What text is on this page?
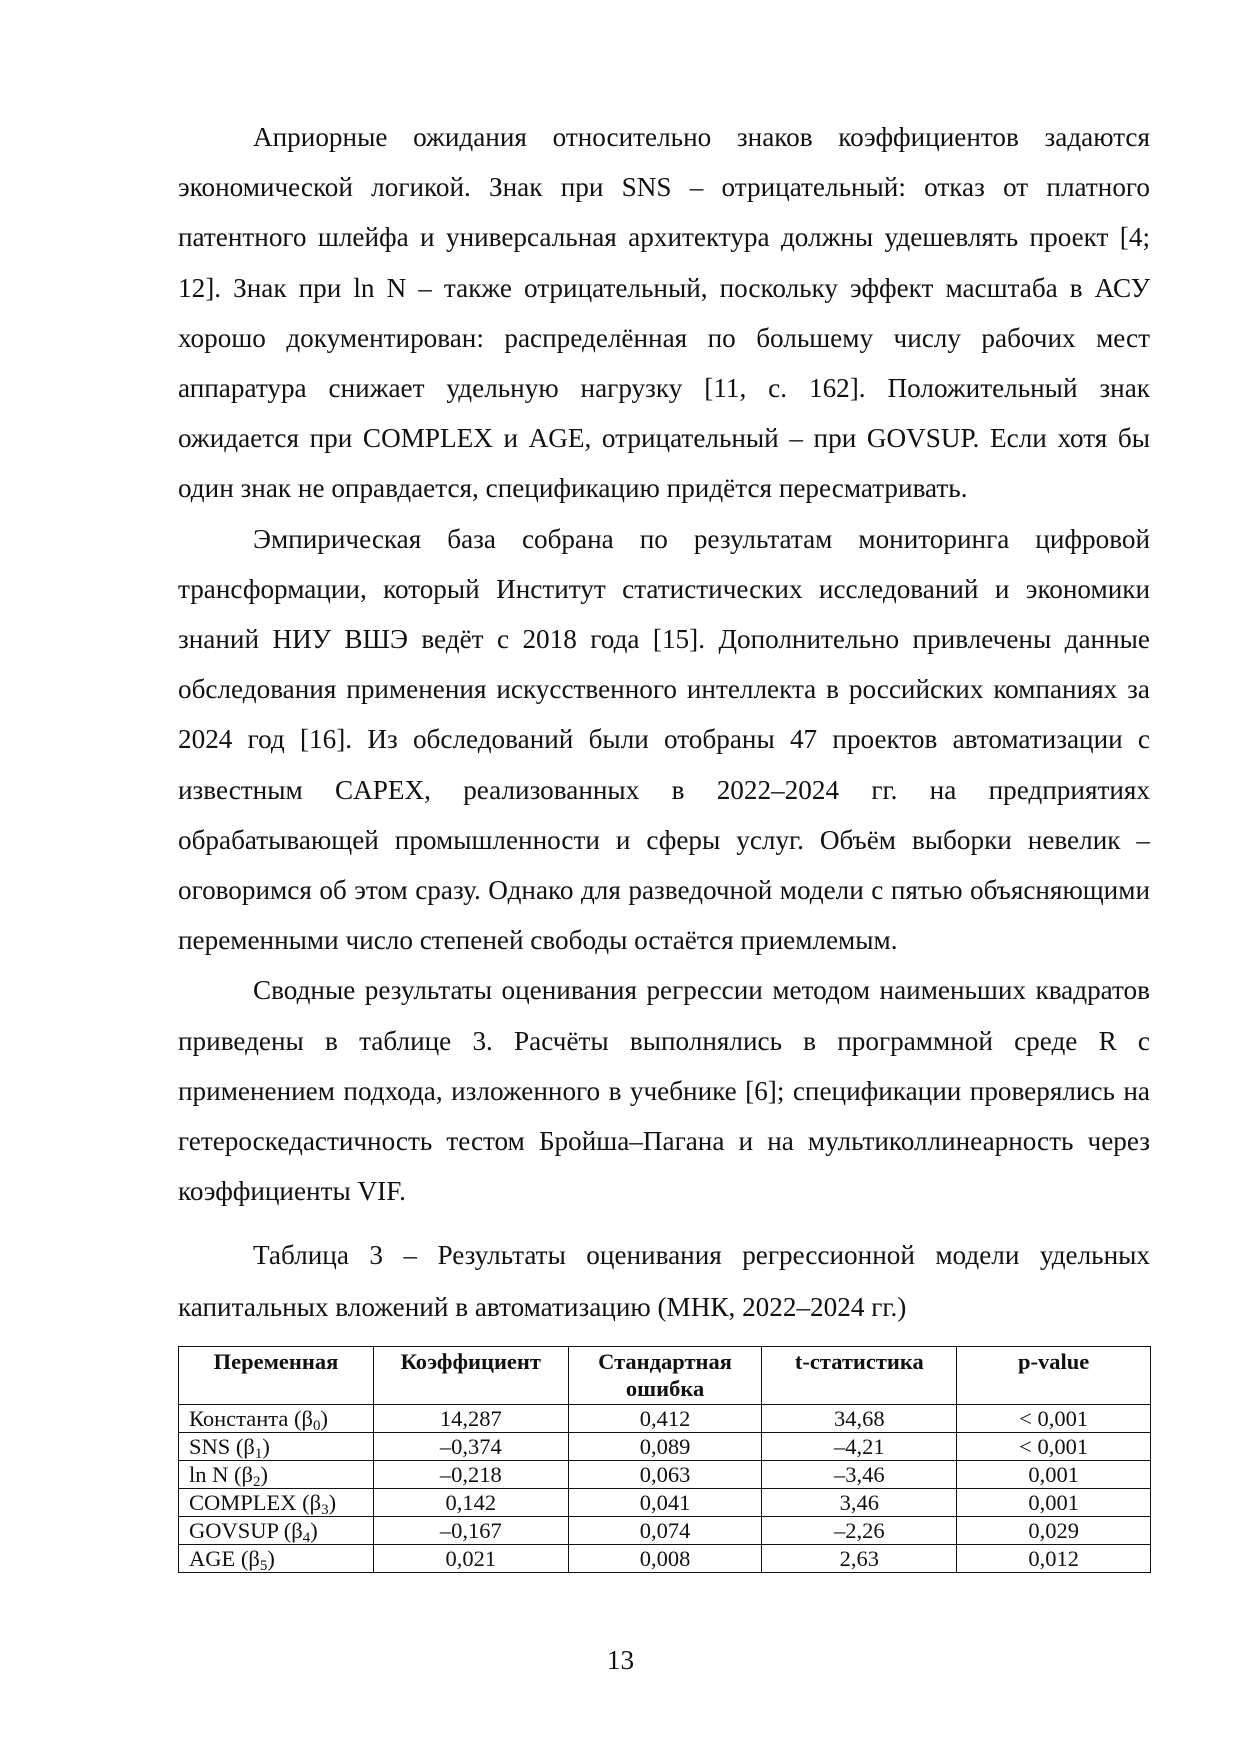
Априорные ожидания относительно знаков коэффициентов задаются экономической логикой. Знак при SNS – отрицательный: отказ от платного патентного шлейфа и универсальная архитектура должны удешевлять проект [4; 12]. Знак при ln N – также отрицательный, поскольку эффект масштаба в АСУ хорошо документирован: распределённая по большему числу рабочих мест аппаратура снижает удельную нагрузку [11, с. 162]. Положительный знак ожидается при COMPLEX и AGE, отрицательный – при GOVSUP. Если хотя бы один знак не оправдается, спецификацию придётся пересматривать.

Эмпирическая база собрана по результатам мониторинга цифровой трансформации, который Институт статистических исследований и экономики знаний НИУ ВШЭ ведёт с 2018 года [15]. Дополнительно привлечены данные обследования применения искусственного интеллекта в российских компаниях за 2024 год [16]. Из обследований были отобраны 47 проектов автоматизации с известным CAPEX, реализованных в 2022–2024 гг. на предприятиях обрабатывающей промышленности и сферы услуг. Объём выборки невелик – оговоримся об этом сразу. Однако для разведочной модели с пятью объясняющими переменными число степеней свободы остаётся приемлемым.

Сводные результаты оценивания регрессии методом наименьших квадратов приведены в таблице 3. Расчёты выполнялись в программной среде R с применением подхода, изложенного в учебнике [6]; спецификации проверялись на гетероскедастичность тестом Бройша–Пагана и на мультиколлинеарность через коэффициенты VIF.

Таблица 3 – Результаты оценивания регрессионной модели удельных капитальных вложений в автоматизацию (МНК, 2022–2024 гг.)

Переменная	Коэффициент	Стандартная ошибка	t-статистика	p-value
Константа $(\beta_0)$	14,287	0,412	34,68	< 0,001
SNS $(\beta_1)$	–0,374	0,089	–4,21	< 0,001
ln N $(\beta_2)$	–0,218	0,063	–3,46	0,001
COMPLEX $(\beta_3)$	0,142	0,041	3,46	0,001
GOVSUP $(\beta_4)$	–0,167	0,074	–2,26	0,029
AGE $(\beta_5)$	0,021	0,008	2,63	0,012
13
